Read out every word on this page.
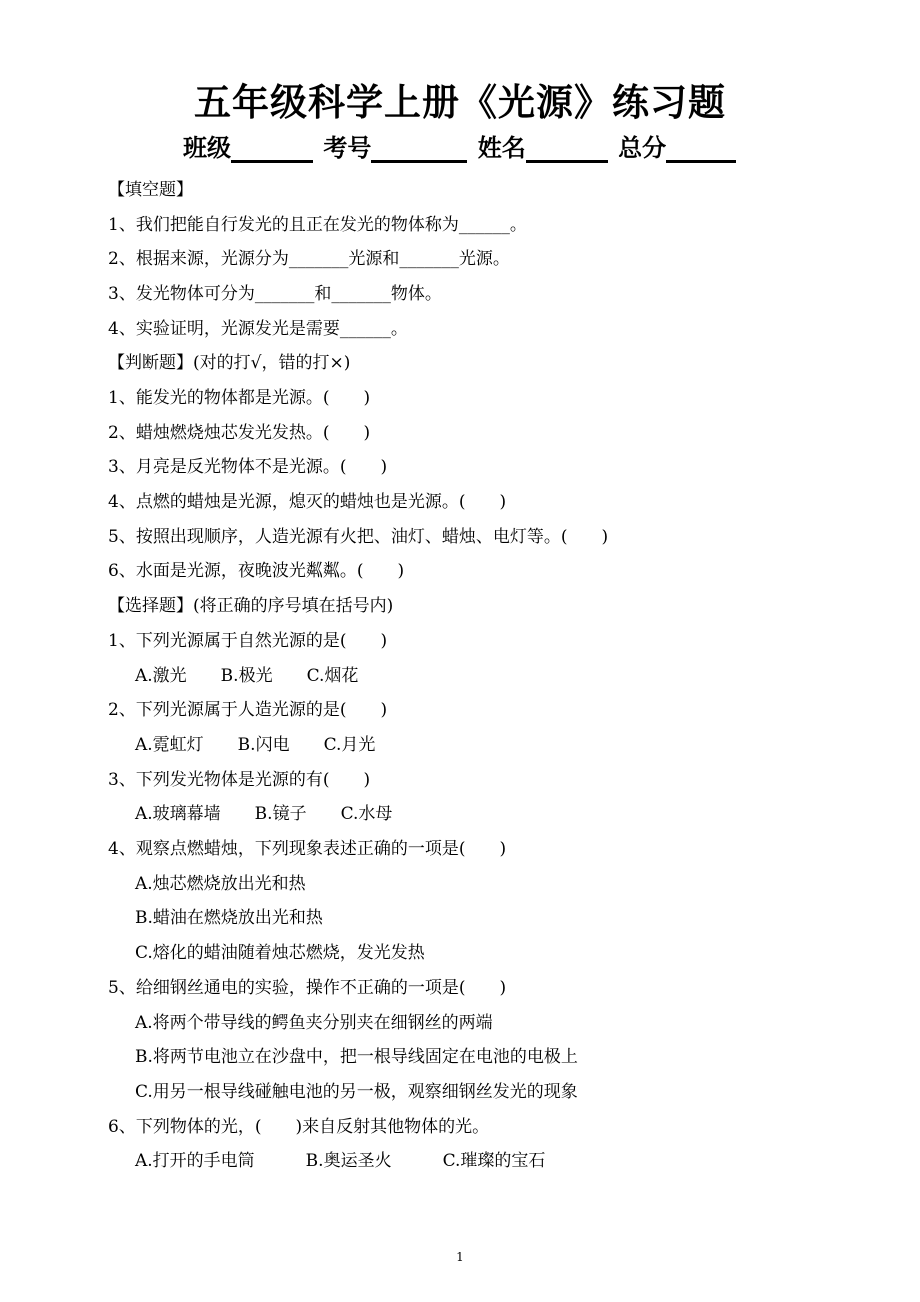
五年级科学上册《光源》练习题
班级	考号	姓名	总分
【填空题】
1、我们把能自行发光的且正在发光的物体称为______。
2、根据来源，光源分为_______光源和_______光源。
3、发光物体可分为_______和_______物体。
4、实验证明，光源发光是需要______。
【判断题】(对的打√，错的打×)
1、能发光的物体都是光源。(　　)
2、蜡烛燃烧烛芯发光发热。(　　)
3、月亮是反光物体不是光源。(　　)
4、点燃的蜡烛是光源，熄灭的蜡烛也是光源。(　　)
5、按照出现顺序，人造光源有火把、油灯、蜡烛、电灯等。(　　)
6、水面是光源，夜晚波光粼粼。(　　)
【选择题】(将正确的序号填在括号内)
1、下列光源属于自然光源的是(　　)
A.激光　　B.极光　　C.烟花
2、下列光源属于人造光源的是(　　)
A.霓虹灯　　B.闪电　　C.月光
3、下列发光物体是光源的有(　　)
A.玻璃幕墙　　B.镜子　　C.水母
4、观察点燃蜡烛，下列现象表述正确的一项是(　　)
A.烛芯燃烧放出光和热
B.蜡油在燃烧放出光和热
C.熔化的蜡油随着烛芯燃烧，发光发热
5、给细钢丝通电的实验，操作不正确的一项是(　　)
A.将两个带导线的鳄鱼夹分别夹在细钢丝的两端
B.将两节电池立在沙盘中，把一根导线固定在电池的电极上
C.用另一根导线碰触电池的另一极，观察细钢丝发光的现象
6、下列物体的光，(　　)来自反射其他物体的光。
A.打开的手电筒　　　B.奥运圣火　　　C.璀璨的宝石
1
